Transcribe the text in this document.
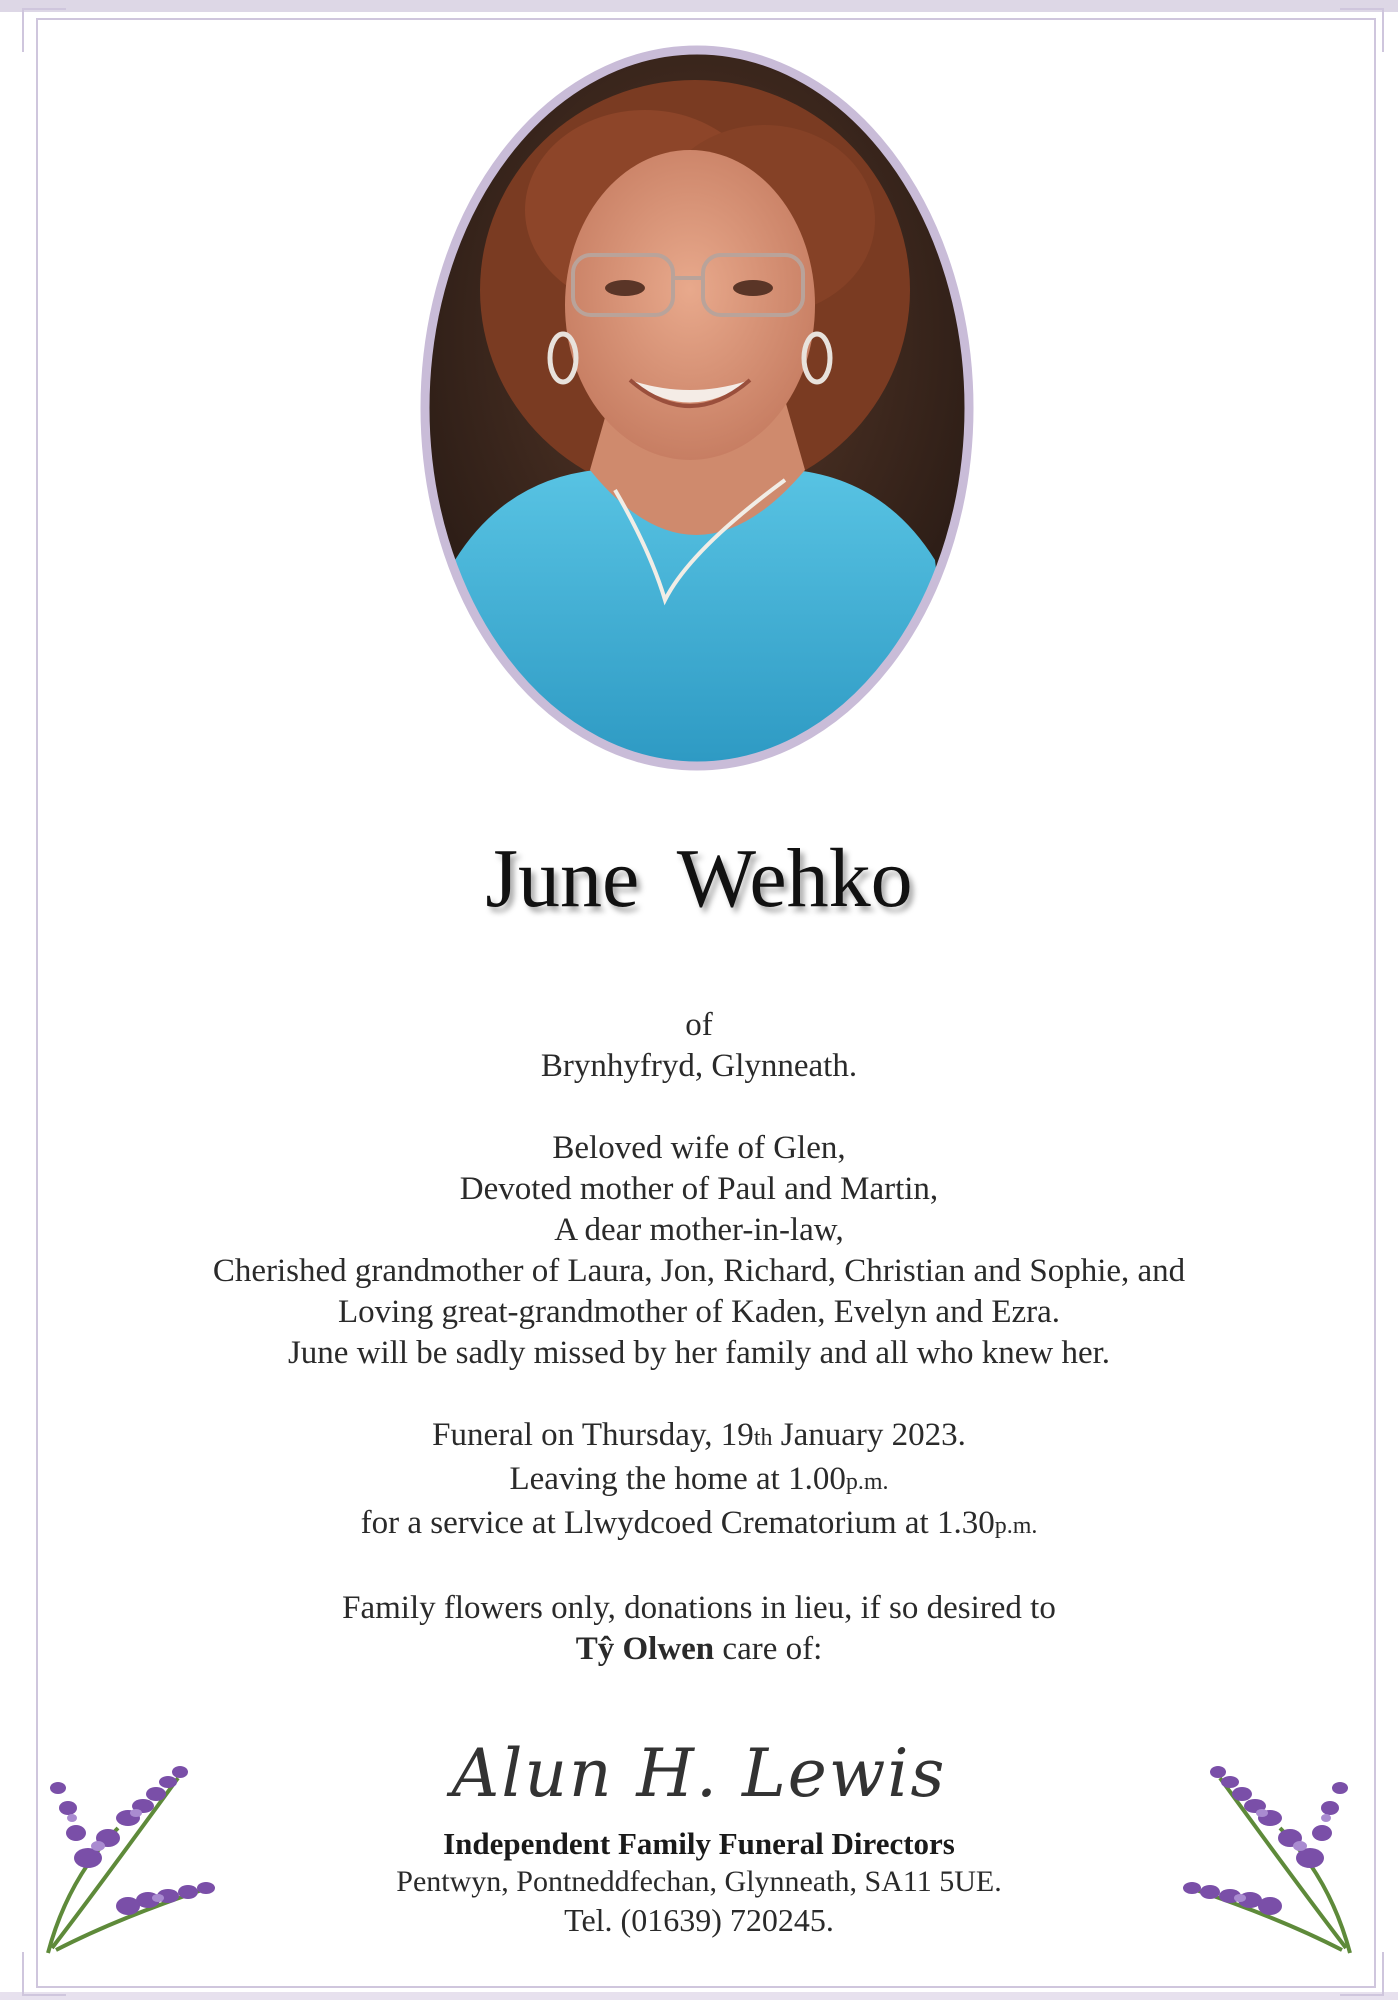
June Wehko
of
Brynhyfryd, Glynneath.
Beloved wife of Glen,
Devoted mother of Paul and Martin,
A dear mother-in-law,
Cherished grandmother of Laura, Jon, Richard, Christian and Sophie, and
Loving great-grandmother of Kaden, Evelyn and Ezra.
June will be sadly missed by her family and all who knew her.
Funeral on Thursday, 19th January 2023.
Leaving the home at 1.00p.m.
for a service at Llwydcoed Crematorium at 1.30p.m.
Family flowers only, donations in lieu, if so desired to
Tŷ Olwen care of:
Alun H. Lewis
Independent Family Funeral Directors
Pentwyn, Pontneddfechan, Glynneath, SA11 5UE.
Tel. (01639) 720245.
